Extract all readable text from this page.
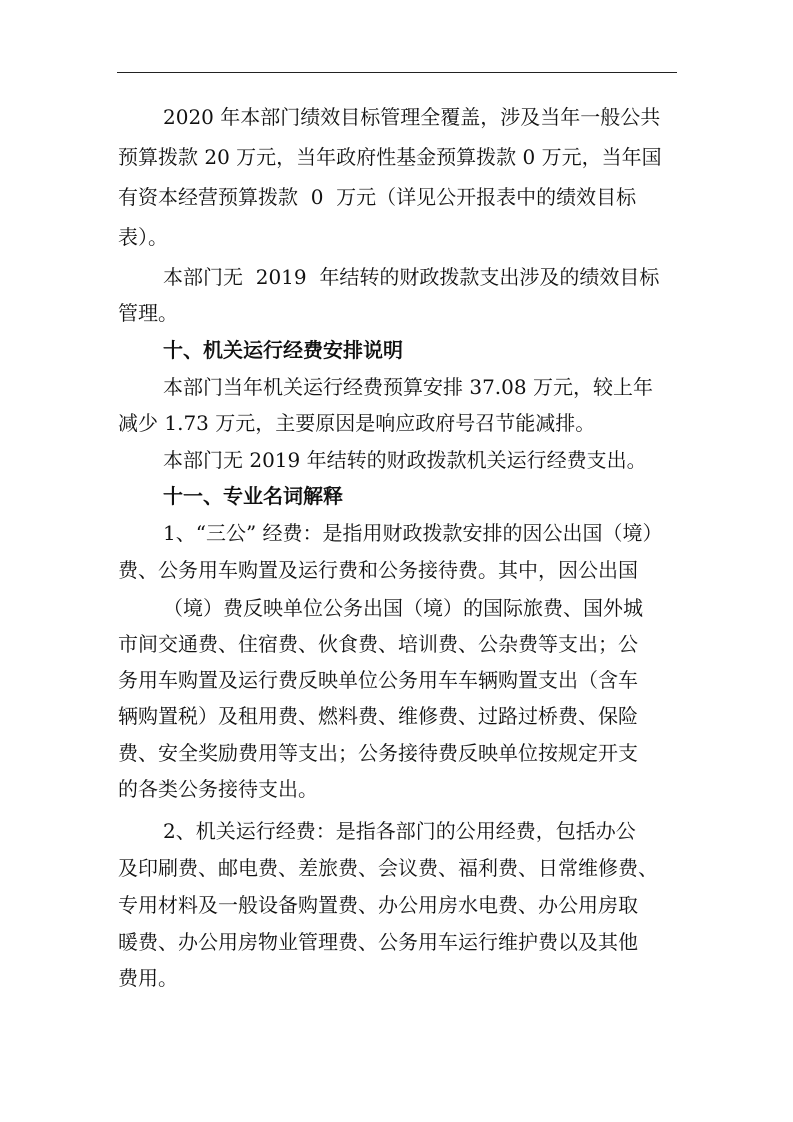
2020 年本部门绩效目标管理全覆盖，涉及当年一般公共

预算拨款 20 万元，当年政府性基金预算拨款 0 万元，当年国

有资本经营预算拨款  0  万元（详见公开报表中的绩效目标

表）。

本部门无  2019  年结转的财政拨款支出涉及的绩效目标

管理。

十、机关运行经费安排说明

本部门当年机关运行经费预算安排 37.08 万元，较上年

减少 1.73 万元，主要原因是响应政府号召节能减排。

本部门无 2019 年结转的财政拨款机关运行经费支出。

十一、专业名词解释

1、“三公” 经费：是指用财政拨款安排的因公出国（境）

费、公务用车购置及运行费和公务接待费。其中，因公出国

（境）费反映单位公务出国（境）的国际旅费、国外城

市间交通费、住宿费、伙食费、培训费、公杂费等支出；公

务用车购置及运行费反映单位公务用车车辆购置支出（含车

辆购置税）及租用费、燃料费、维修费、过路过桥费、保险

费、安全奖励费用等支出；公务接待费反映单位按规定开支

的各类公务接待支出。

2、机关运行经费：是指各部门的公用经费，包括办公

及印刷费、邮电费、差旅费、会议费、福利费、日常维修费、

专用材料及一般设备购置费、办公用房水电费、办公用房取

暖费、办公用房物业管理费、公务用车运行维护费以及其他

费用。
